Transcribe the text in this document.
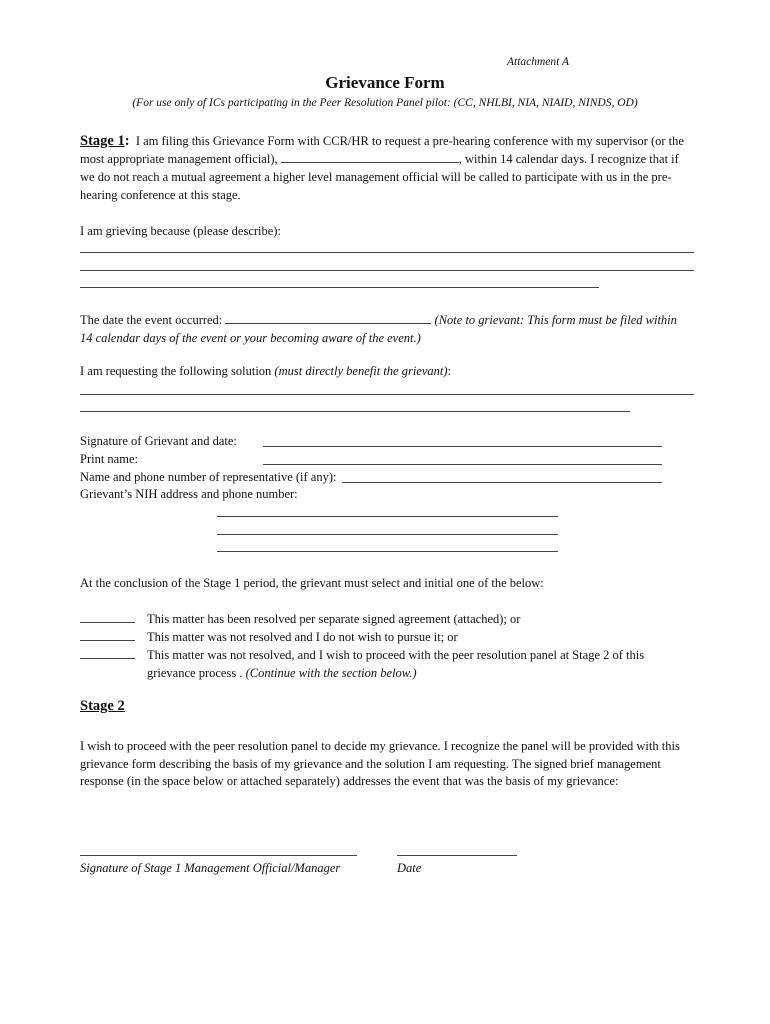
Attachment A
Grievance Form
(For use only of ICs participating in the Peer Resolution Panel pilot: (CC, NHLBI, NIA, NIAID, NINDS, OD)
Stage 1: I am filing this Grievance Form with CCR/HR to request a pre-hearing conference with my supervisor (or the most appropriate management official),	, within 14 calendar days. I recognize that if we do not reach a mutual agreement a higher level management official will be called to participate with us in the pre-hearing conference at this stage.
I am grieving because (please describe):
The date the event occurred:	(Note to grievant: This form must be filed within 14 calendar days of the event or your becoming aware of the event.)
I am requesting the following solution (must directly benefit the grievant):
Signature of Grievant and date:
Print name:
Name and phone number of representative (if any):
Grievant’s NIH address and phone number:
At the conclusion of the Stage 1 period, the grievant must select and initial one of the below:
This matter has been resolved per separate signed agreement (attached); or
This matter was not resolved and I do not wish to pursue it; or
This matter was not resolved, and I wish to proceed with the peer resolution panel at Stage 2 of this
grievance process . (Continue with the section below.)
Stage 2
I wish to proceed with the peer resolution panel to decide my grievance. I recognize the panel will be provided with this grievance form describing the basis of my grievance and the solution I am requesting. The signed brief management response (in the space below or attached separately) addresses the event that was the basis of my grievance:
Signature of Stage 1 Management Official/Manager	Date
